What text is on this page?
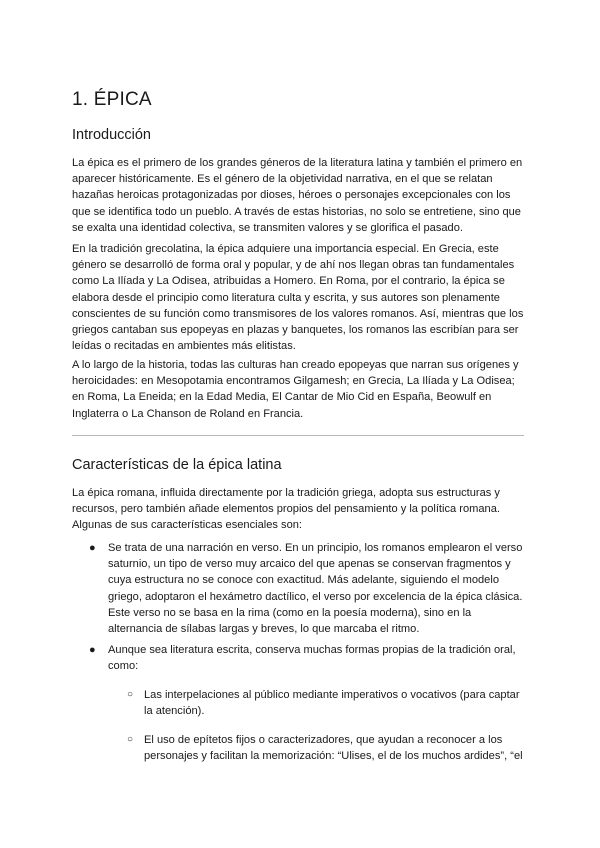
1. ÉPICA
Introducción

La épica es el primero de los grandes géneros de la literatura latina y también el primero en aparecer históricamente. Es el género de la objetividad narrativa, en el que se relatan hazañas heroicas protagonizadas por dioses, héroes o personajes excepcionales con los que se identifica todo un pueblo. A través de estas historias, no solo se entretiene, sino que se exalta una identidad colectiva, se transmiten valores y se glorifica el pasado.

En la tradición grecolatina, la épica adquiere una importancia especial. En Grecia, este género se desarrolló de forma oral y popular, y de ahí nos llegan obras tan fundamentales como La Ilíada y La Odisea, atribuidas a Homero. En Roma, por el contrario, la épica se elabora desde el principio como literatura culta y escrita, y sus autores son plenamente conscientes de su función como transmisores de los valores romanos. Así, mientras que los griegos cantaban sus epopeyas en plazas y banquetes, los romanos las escribían para ser leídas o recitadas en ambientes más elitistas.

A lo largo de la historia, todas las culturas han creado epopeyas que narran sus orígenes y heroicidades: en Mesopotamia encontramos Gilgamesh; en Grecia, La Ilíada y La Odisea; en Roma, La Eneida; en la Edad Media, El Cantar de Mio Cid en España, Beowulf en Inglaterra o La Chanson de Roland en Francia.

Características de la épica latina

La épica romana, influida directamente por la tradición griega, adopta sus estructuras y recursos, pero también añade elementos propios del pensamiento y la política romana. Algunas de sus características esenciales son:

● Se trata de una narración en verso. En un principio, los romanos emplearon el verso saturnio, un tipo de verso muy arcaico del que apenas se conservan fragmentos y cuya estructura no se conoce con exactitud. Más adelante, siguiendo el modelo griego, adoptaron el hexámetro dactílico, el verso por excelencia de la épica clásica. Este verso no se basa en la rima (como en la poesía moderna), sino en la alternancia de sílabas largas y breves, lo que marcaba el ritmo.
● Aunque sea literatura escrita, conserva muchas formas propias de la tradición oral, como:
○ Las interpelaciones al público mediante imperativos o vocativos (para captar la atención).
○ El uso de epítetos fijos o caracterizadores, que ayudan a reconocer a los personajes y facilitan la memorización: “Ulises, el de los muchos ardides”, “el
